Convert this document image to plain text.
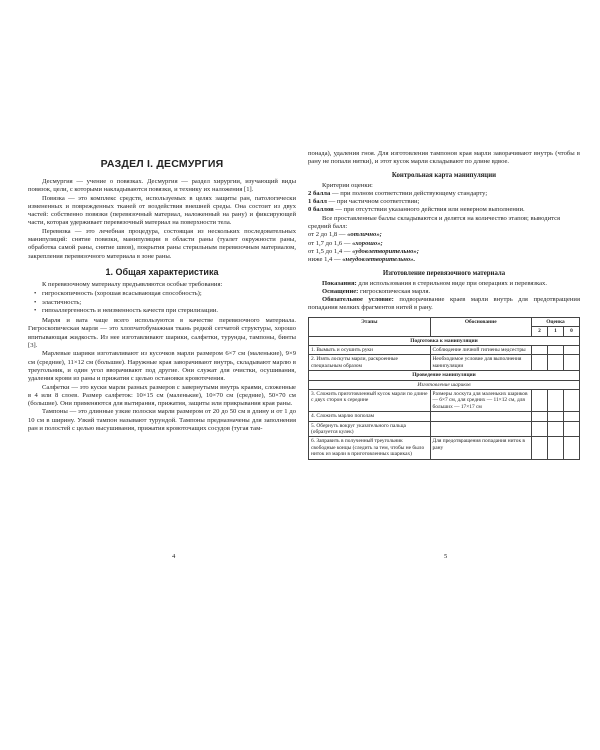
РАЗДЕЛ I. ДЕСМУРГИЯ

Десмургия — учение о повязках. Десмургия — раздел хирургии, изучающий виды повязок, цели, с которыми накладываются повязки, и технику их наложения [1].

Повязка — это комплекс средств, используемых в целях защиты ран, патологически измененных и поврежденных тканей от воздействия внешней среды. Она состоит из двух частей: собственно повязки (перевязочный материал, наложенный на рану) и фиксирующей части, которая удерживает перевязочный материал на поверхности тела.

Перевязка — это лечебная процедура, состоящая из нескольких последовательных манипуляций: снятие повязки, манипуляции в области раны (туалет окружности раны, обработка самой раны, снятие швов), покрытия раны стерильным перевязочным материалом, закрепления перевязочного материала в зоне раны.

1. Общая характеристика

К перевязочному материалу предъявляются особые требования:

• гигроскопичность (хорошая всасывающая способность);
• эластичность;
• гипоаллергенность и неизменность качеств при стерилизации.

Марля и вата чаще всего используются в качестве перевязочного материала. Гигроскопическая марля — это хлопчатобумажная ткань редкой сетчатой структуры, хорошо впитывающая жидкость. Из нее изготавливают шарики, салфетки, турунды, тампоны, бинты [3].

Марлевые шарики изготавливают из кусочков марли размером 6×7 см (маленькие), 9×9 см (средние), 11×12 см (большие). Наружные края заворачивают внутрь, складывают марлю в треугольник, и один угол вворачивают под другие. Они служат для очистки, осушивания, удаления крови из раны и прижатия с целью остановки кровотечения.

Салфетки — это куски марли разных размеров с завернутыми внутрь краями, сложенные в 4 или 8 слоев. Размер салфеток: 10×15 см (маленькие), 10×70 см (средние), 50×70 см (большие). Они применяются для вытирания, прижатия, защиты или прикрывания края раны.

Тампоны — это длинные узкие полоски марли размером от 20 до 50 см в длину и от 1 до 10 см в ширину. Узкий тампон называют турундой. Тампоны предназначены для заполнения ран и полостей с целью высушивания, прижатия кровоточащих сосудов (тугая там-

4

понада), удаления гноя. Для изготовления тампонов края марли заворачивают внутрь (чтобы в рану не попали нитки), и этот кусок марли складывают по длине вдвое.

Контрольная карта манипуляции

Критерии оценки:

2 балла — при полном соответствии действующему стандарту;

1 балл — при частичном соответствии;

0 баллов — при отсутствии указанного действия или неверном выполнении.

Все проставленные баллы складываются и делятся на количество этапов; выводится средний балл:

от 2 до 1,8 — «отлично»;

от 1,7 до 1,6 — «хорошо»;

от 1,5 до 1,4 — «удовлетворительно»;

ниже 1,4 — «неудовлетворительно».

Изготовление перевязочного материала

Показания: для использования в стерильном виде при операциях и перевязках.

Оснащение: гигроскопическая марля.

Обязательное условие: подворачивание краев марли внутрь для предотвращения попадания мелких фрагментов нитей в рану.

Этапы	Обоснование	Оценка		
		2	1	0
Подготовка к манипуляции				
1. Вымыть и осушить руки	Соблюдение личной гигиены медсестры			
2. Изять лоскуты марли, раскроенные специальным образом	Необходимое условие для выполнения манипуляции			
Проведение манипуляции				
Изготовление шариков				
3. Сложить приготовленный кусок марли по длине с двух сторон к середине	Размеры лоскута для маленьких шариков — 6×7 см, для средних — 11×12 см, для больших — 17×17 см			
4. Сложить марлю пополам				
5. Обернуть вокруг указательного пальца (образуется кулек)				
6. Заправить в полученный треугольник свободные концы (следить за тем, чтобы не было ниток из марли в приготовленных шариках)	Для предотвращения попадания ниток в рану			
5
